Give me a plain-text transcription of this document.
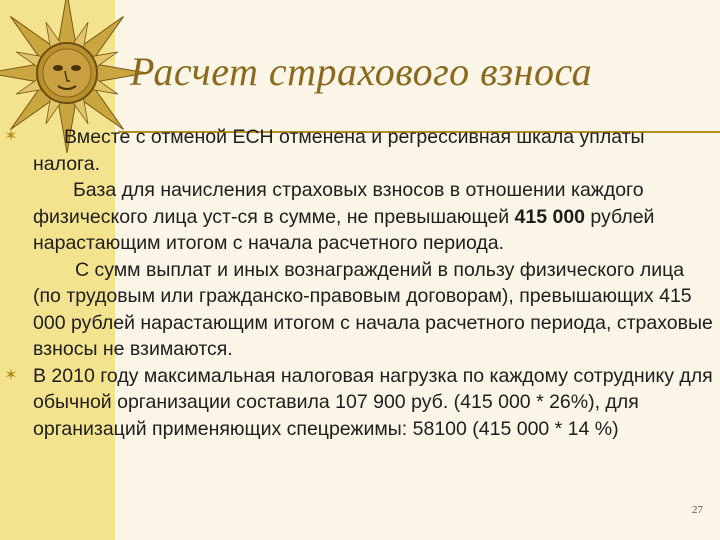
Расчет страхового взноса

✶ Вместе с отменой ЕСН отменена и регрессивная шкала уплаты налога.

База для начисления страховых взносов в отношении каждого физического лица уст-ся в сумме, не превышающей 415 000 рублей нарастающим итогом с начала расчетного периода.

С сумм выплат и иных вознаграждений в пользу физического лица (по трудовым или гражданско-правовым договорам), превышающих 415 000 рублей нарастающим итогом с начала расчетного периода, страховые взносы не взимаются.

✶ В 2010 году максимальная налоговая нагрузка по каждому сотруднику для обычной организации составила 107 900 руб. (415 000 * 26%), для организаций применяющих спецрежимы: 58100 (415 000 * 14 %)

27
